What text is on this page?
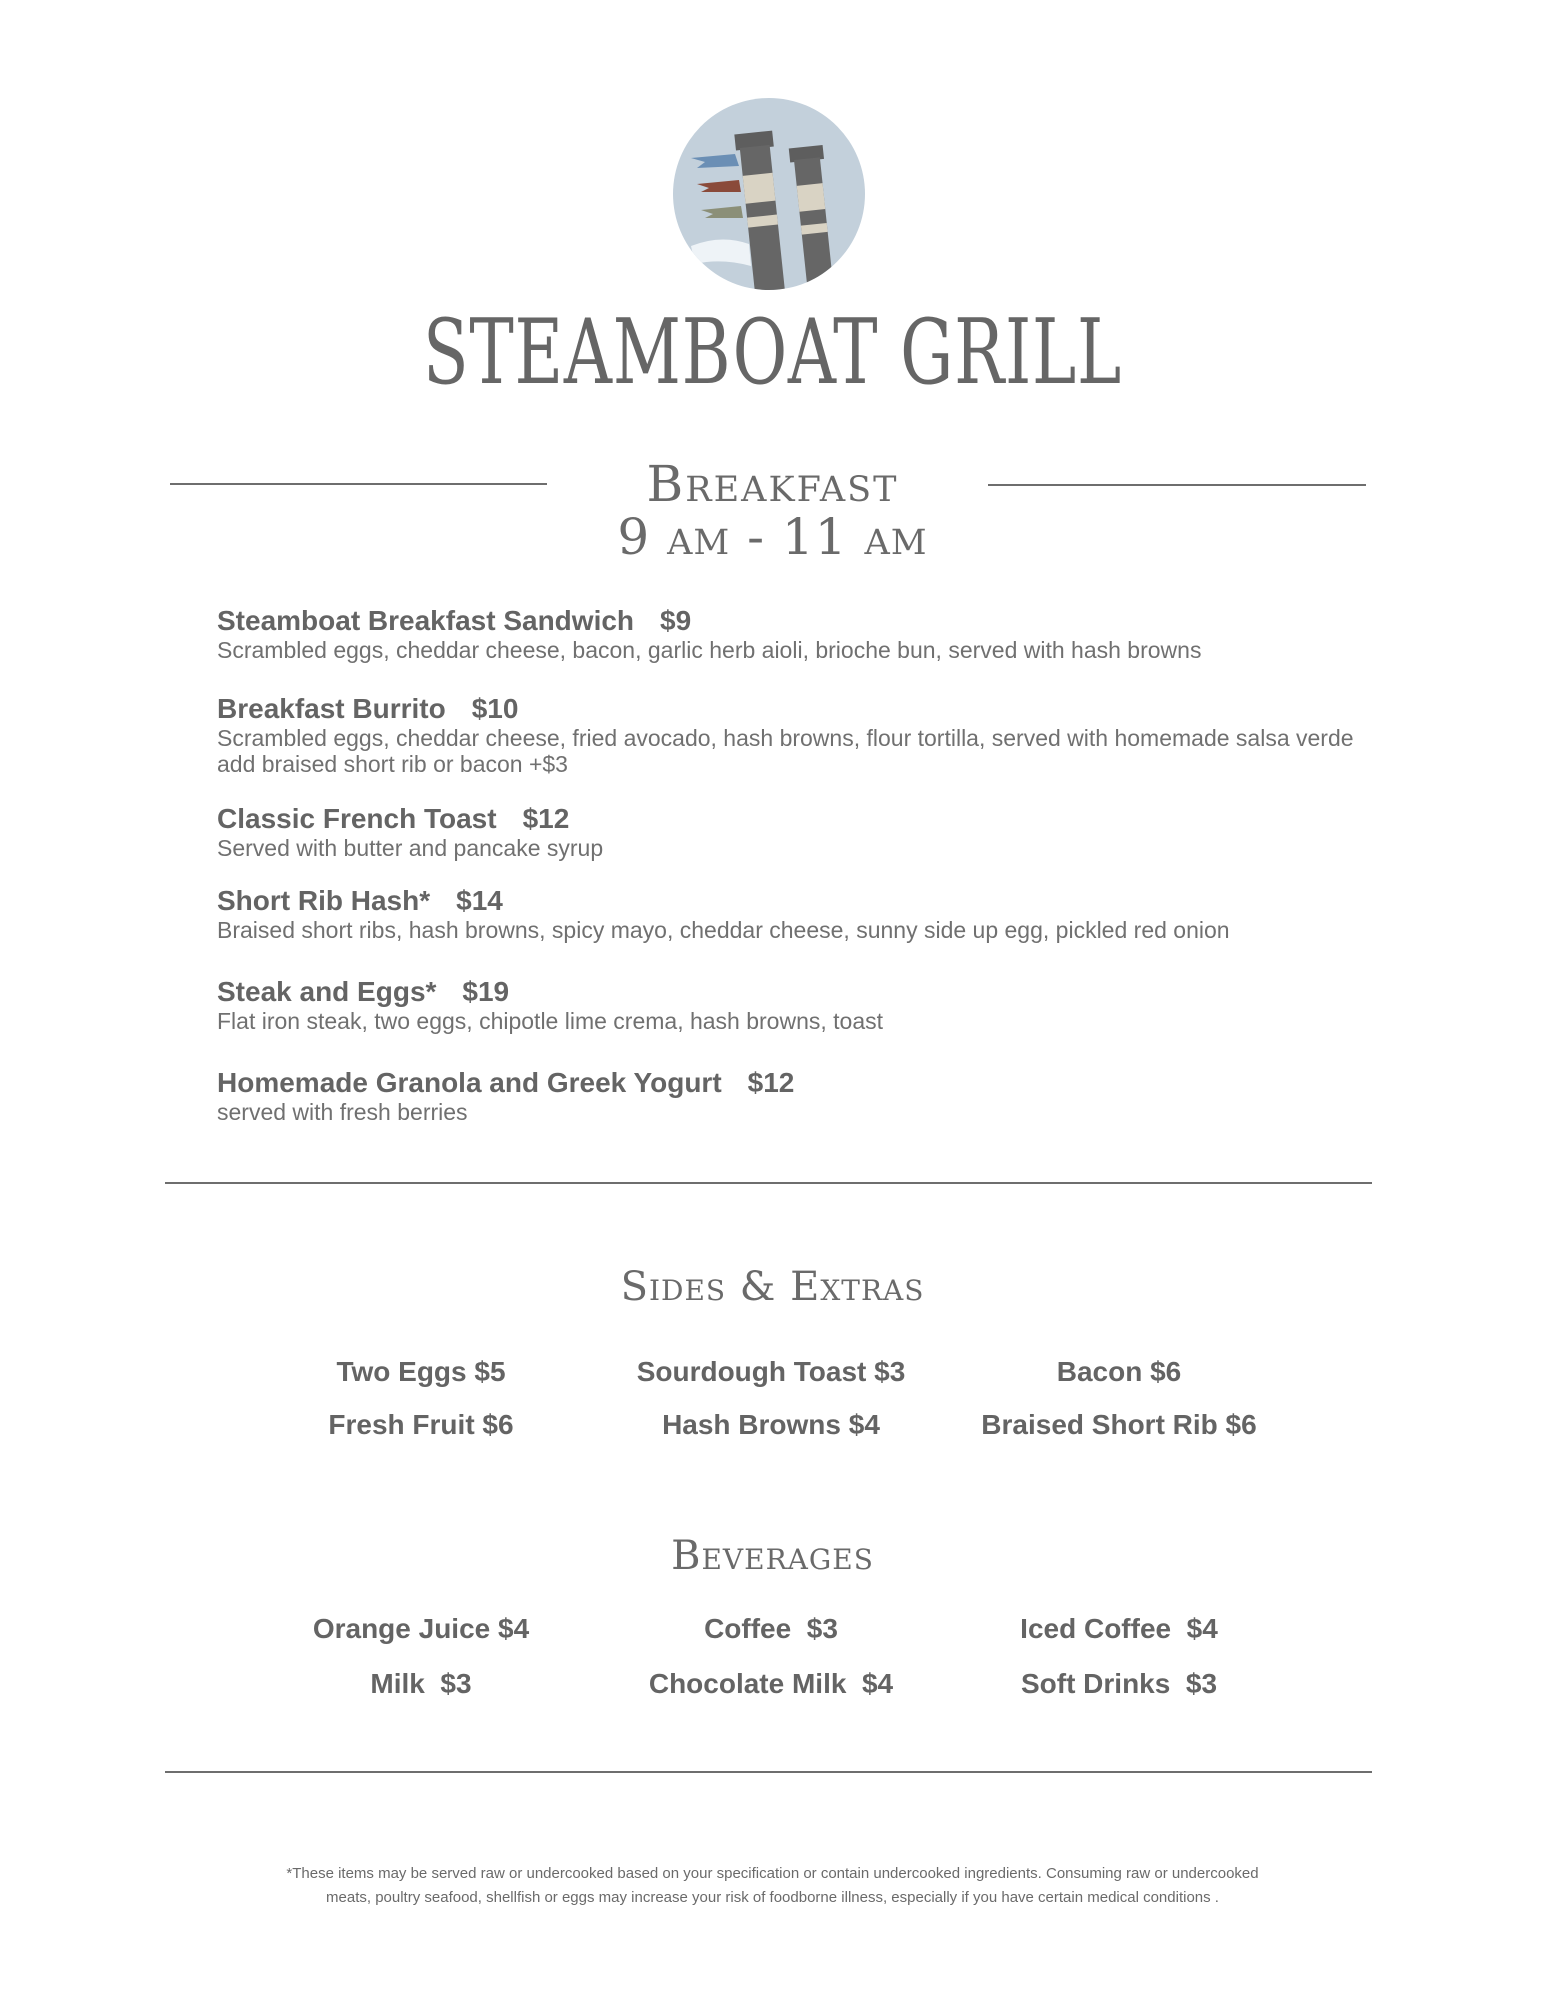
STEAMBOAT GRILL
Breakfast
9 am - 11 am
Steamboat Breakfast Sandwich $9
Scrambled eggs, cheddar cheese, bacon, garlic herb aioli, brioche bun, served with hash browns
Breakfast Burrito $10
Scrambled eggs, cheddar cheese, fried avocado, hash browns, flour tortilla, served with homemade salsa verde
add braised short rib or bacon +$3
Classic French Toast $12
Served with butter and pancake syrup
Short Rib Hash* $14
Braised short ribs, hash browns, spicy mayo, cheddar cheese, sunny side up egg, pickled red onion
Steak and Eggs* $19
Flat iron steak, two eggs, chipotle lime crema, hash browns, toast
Homemade Granola and Greek Yogurt $12
served with fresh berries
Sides & Extras
Two Eggs $5	Sourdough Toast $3	Bacon $6
Fresh Fruit $6	Hash Browns $4	Braised Short Rib $6
Beverages
Orange Juice $4	Coffee  $3	Iced Coffee  $4
Milk  $3	Chocolate Milk  $4	Soft Drinks  $3
*These items may be served raw or undercooked based on your specification or contain undercooked ingredients. Consuming raw or undercooked
meats, poultry seafood, shellfish or eggs may increase your risk of foodborne illness, especially if you have certain medical conditions .
